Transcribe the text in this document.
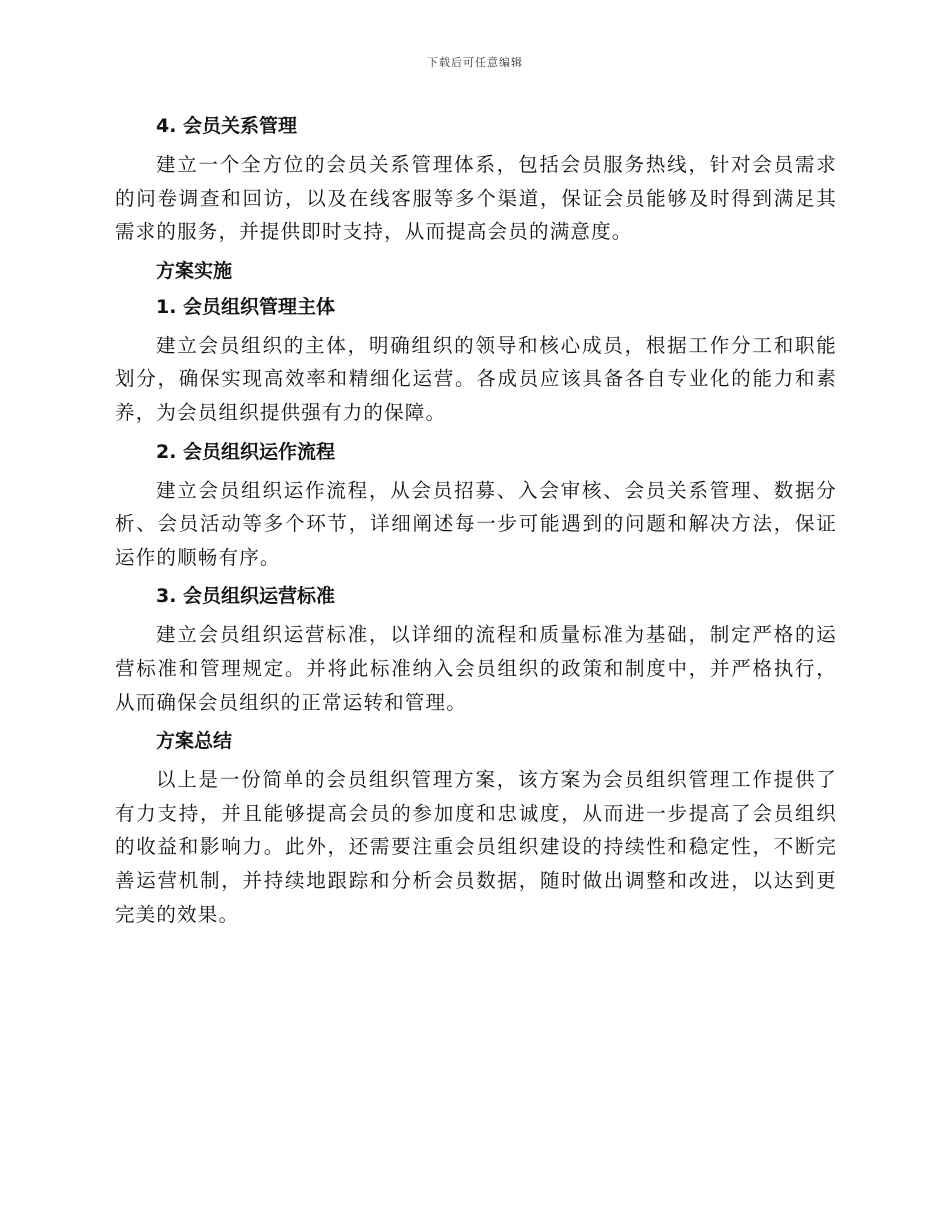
下载后可任意编辑
4. 会员关系管理

建立一个全方位的会员关系管理体系，包括会员服务热线，针对会员需求的问卷调查和回访，以及在线客服等多个渠道，保证会员能够及时得到满足其需求的服务，并提供即时支持，从而提高会员的满意度。

方案实施
1. 会员组织管理主体

建立会员组织的主体，明确组织的领导和核心成员，根据工作分工和职能划分，确保实现高效率和精细化运营。各成员应该具备各自专业化的能力和素养，为会员组织提供强有力的保障。

2. 会员组织运作流程

建立会员组织运作流程，从会员招募、入会审核、会员关系管理、数据分析、会员活动等多个环节，详细阐述每一步可能遇到的问题和解决方法，保证运作的顺畅有序。

3. 会员组织运营标准

建立会员组织运营标准，以详细的流程和质量标准为基础，制定严格的运营标准和管理规定。并将此标准纳入会员组织的政策和制度中，并严格执行，从而确保会员组织的正常运转和管理。

方案总结

以上是一份简单的会员组织管理方案，该方案为会员组织管理工作提供了有力支持，并且能够提高会员的参加度和忠诚度，从而进一步提高了会员组织的收益和影响力。此外，还需要注重会员组织建设的持续性和稳定性，不断完善运营机制，并持续地跟踪和分析会员数据，随时做出调整和改进，以达到更完美的效果。
